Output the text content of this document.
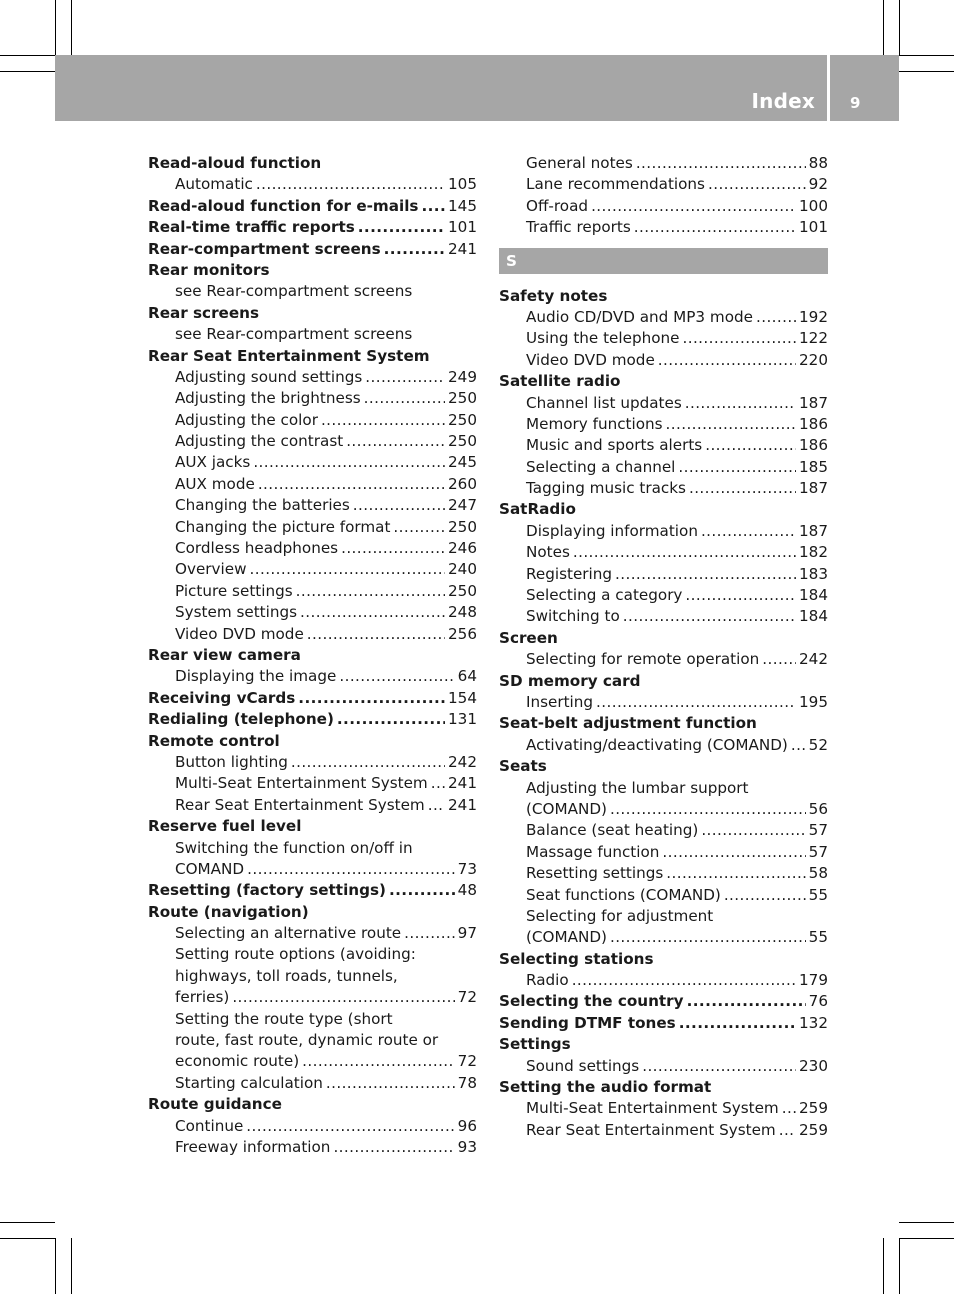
Index 9
Read-aloud function
Automatic .....	105
Read-aloud function for e-mails ..... 145
Real-time traffic reports .....	101
Rear-compartment screens .....	241
Rear monitors
see Rear-compartment screens
Rear screens
see Rear-compartment screens
Rear Seat Entertainment System
Adjusting sound settings .....	249
Adjusting the brightness .....	250
Adjusting the color .....	250
Adjusting the contrast .....	250
AUX jacks .....	245
AUX mode .....	260
Changing the batteries .....	247
Changing the picture format .....	250
Cordless headphones .....	246
Overview .....	240
Picture settings .....	250
System settings .....	248
Video DVD mode .....	256
Rear view camera
Displaying the image .....	64
Receiving vCards .....	154
Redialing (telephone) .....	131
Remote control
Button lighting .....	242
Multi-Seat Entertainment System ..... 241
Rear Seat Entertainment System ..... 241
Reserve fuel level
Switching the function on/off in
COMAND .....	73
Resetting (factory settings) .....	48
Route (navigation)
Selecting an alternative route .....	97
Setting route options (avoiding:
highways, toll roads, tunnels,
ferries) .....	72
Setting the route type (short
route, fast route, dynamic route or
economic route) .....	72
Starting calculation .....	78
Route guidance
Continue .....	96
Freeway information .....	93
General notes .....	88
Lane recommendations .....	92
Off-road .....	100
Traffic reports .....	101
S
Safety notes
Audio CD/DVD and MP3 mode .....	192
Using the telephone .....	122
Video DVD mode .....	220
Satellite radio
Channel list updates .....	187
Memory functions .....	186
Music and sports alerts .....	186
Selecting a channel .....	185
Tagging music tracks .....	187
SatRadio
Displaying information .....	187
Notes .....	182
Registering .....	183
Selecting a category .....	184
Switching to .....	184
Screen
Selecting for remote operation .....	242
SD memory card
Inserting .....	195
Seat-belt adjustment function
Activating/deactivating (COMAND) ..... 52
Seats
Adjusting the lumbar support
(COMAND) .....	56
Balance (seat heating) .....	57
Massage function .....	57
Resetting settings .....	58
Seat functions (COMAND) .....	55
Selecting for adjustment
(COMAND) .....	55
Selecting stations
Radio .....	179
Selecting the country .....	76
Sending DTMF tones .....	132
Settings
Sound settings .....	230
Setting the audio format
Multi-Seat Entertainment System ..... 259
Rear Seat Entertainment System ..... 259
